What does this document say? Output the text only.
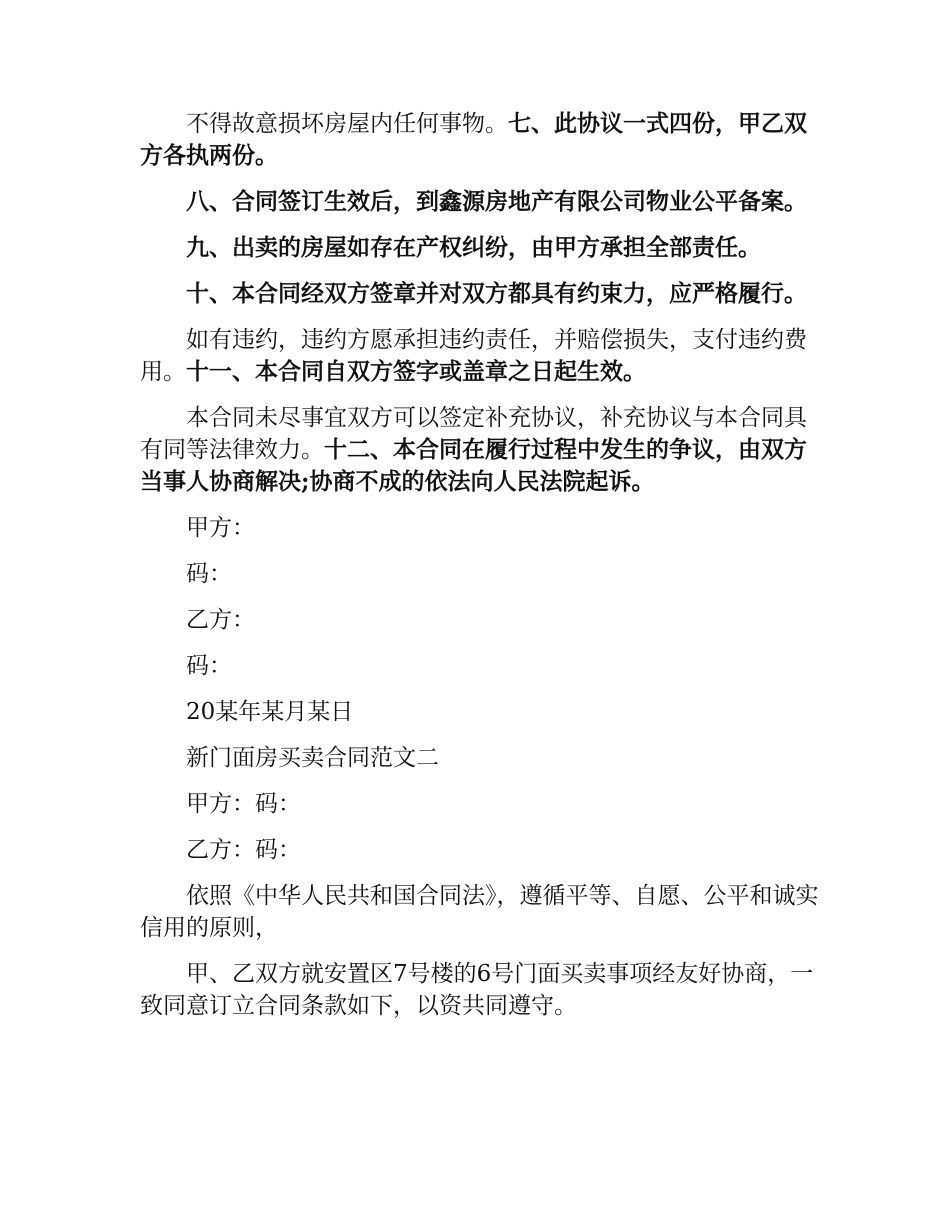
不得故意损坏房屋内任何事物。七、此协议一式四份，甲乙双方各执两份。

八、合同签订生效后，到鑫源房地产有限公司物业公平备案。

九、出卖的房屋如存在产权纠纷，由甲方承担全部责任。

十、本合同经双方签章并对双方都具有约束力，应严格履行。

如有违约，违约方愿承担违约责任，并赔偿损失，支付违约费用。十一、本合同自双方签字或盖章之日起生效。

本合同未尽事宜双方可以签定补充协议，补充协议与本合同具有同等法律效力。十二、本合同在履行过程中发生的争议，由双方当事人协商解决;协商不成的依法向人民法院起诉。

甲方：

码：

乙方：

码：

20某年某月某日

新门面房买卖合同范文二

甲方：码：

乙方：码：

依照《中华人民共和国合同法》，遵循平等、自愿、公平和诚实信用的原则，

甲、乙双方就安置区7号楼的6号门面买卖事项经友好协商，一致同意订立合同条款如下，以资共同遵守。
